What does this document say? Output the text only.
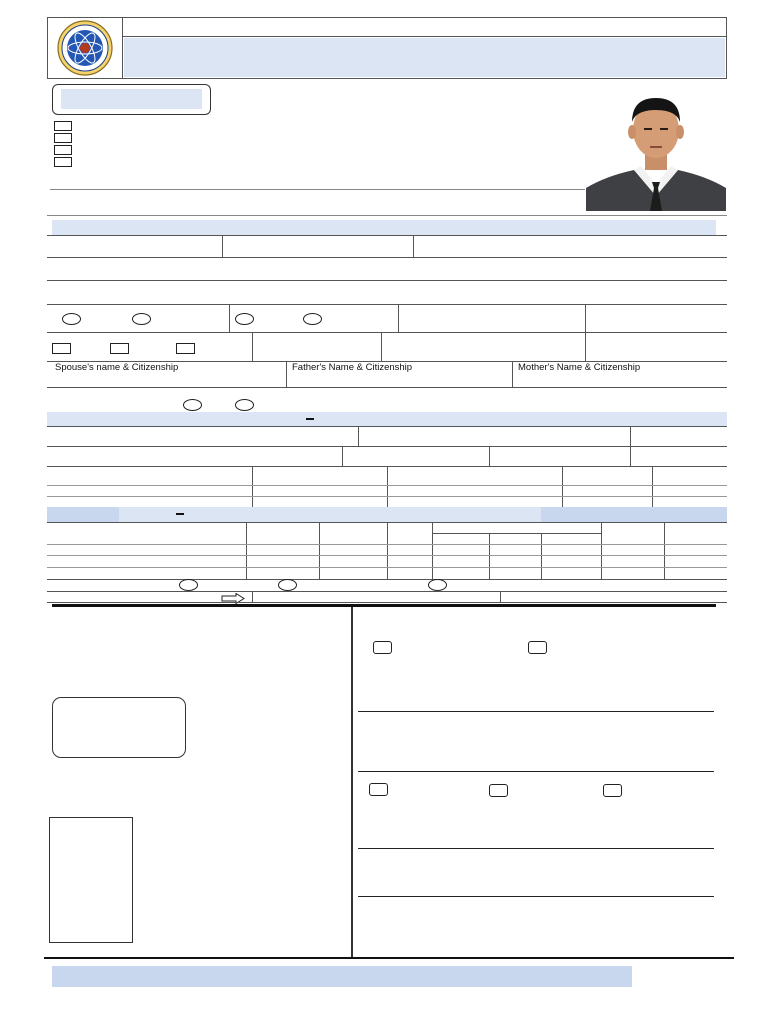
Spouse's name & Citizenship	Father's Name & Citizenship	Mother's Name & Citizenship
